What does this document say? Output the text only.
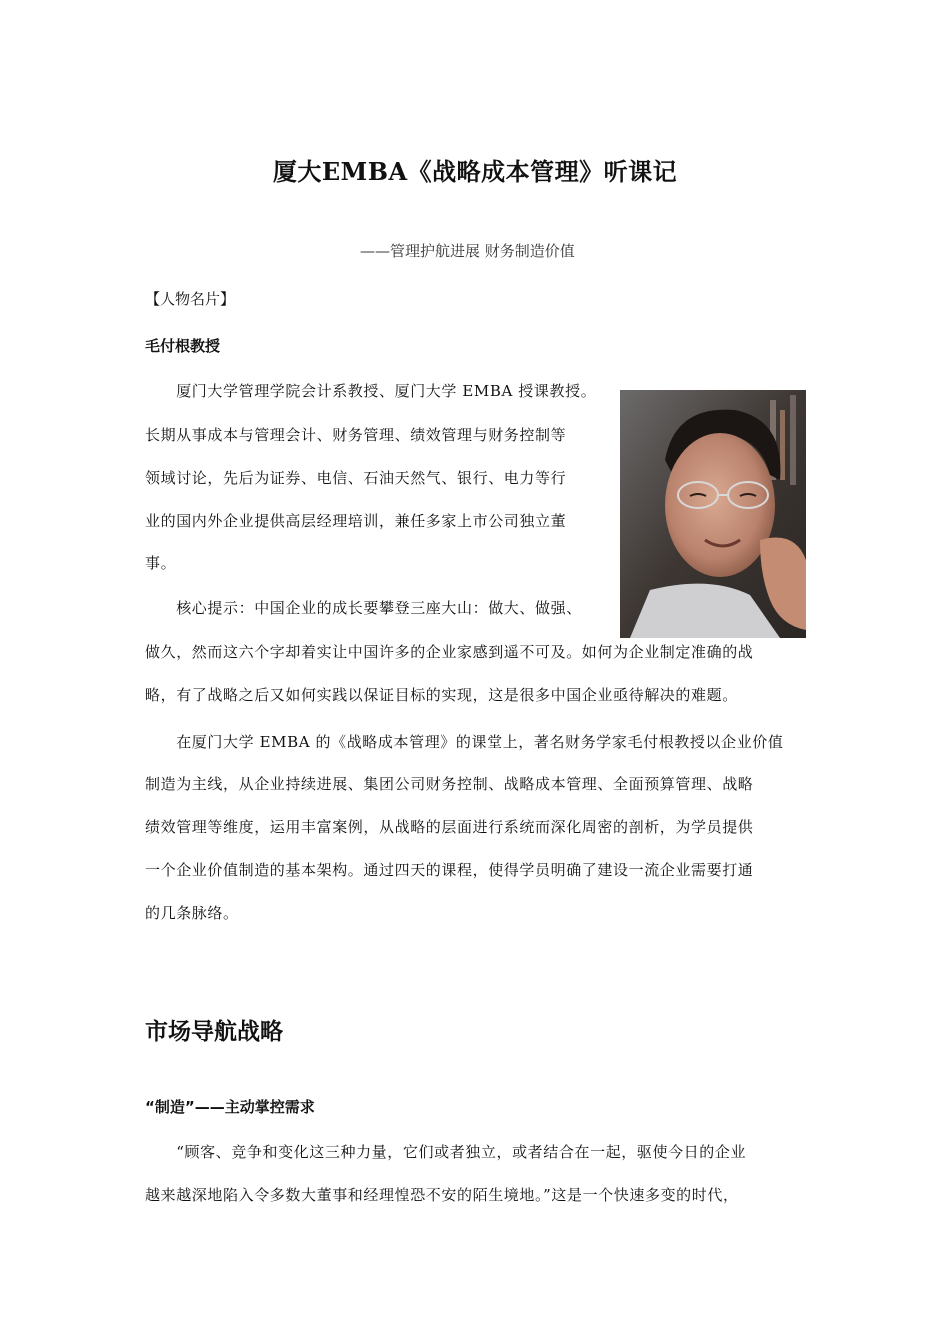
厦大EMBA《战略成本管理》听课记
——管理护航进展 财务制造价值
【人物名片】
毛付根教授
　　厦门大学管理学院会计系教授、厦门大学 EMBA 授课教授。
长期从事成本与管理会计、财务管理、绩效管理与财务控制等
领域讨论，先后为证券、电信、石油天然气、银行、电力等行
业的国内外企业提供高层经理培训，兼任多家上市公司独立董
事。
　　核心提示：中国企业的成长要攀登三座大山：做大、做强、
做久，然而这六个字却着实让中国许多的企业家感到遥不可及。如何为企业制定准确的战
略，有了战略之后又如何实践以保证目标的实现，这是很多中国企业亟待解决的难题。
　　在厦门大学 EMBA 的《战略成本管理》的课堂上，著名财务学家毛付根教授以企业价值
制造为主线，从企业持续进展、集团公司财务控制、战略成本管理、全面预算管理、战略
绩效管理等维度，运用丰富案例，从战略的层面进行系统而深化周密的剖析，为学员提供
一个企业价值制造的基本架构。通过四天的课程，使得学员明确了建设一流企业需要打通
的几条脉络。
市场导航战略
“制造”——主动掌控需求
　　“顾客、竞争和变化这三种力量，它们或者独立，或者结合在一起，驱使今日的企业
越来越深地陷入令多数大董事和经理惶恐不安的陌生境地。”这是一个快速多变的时代，
